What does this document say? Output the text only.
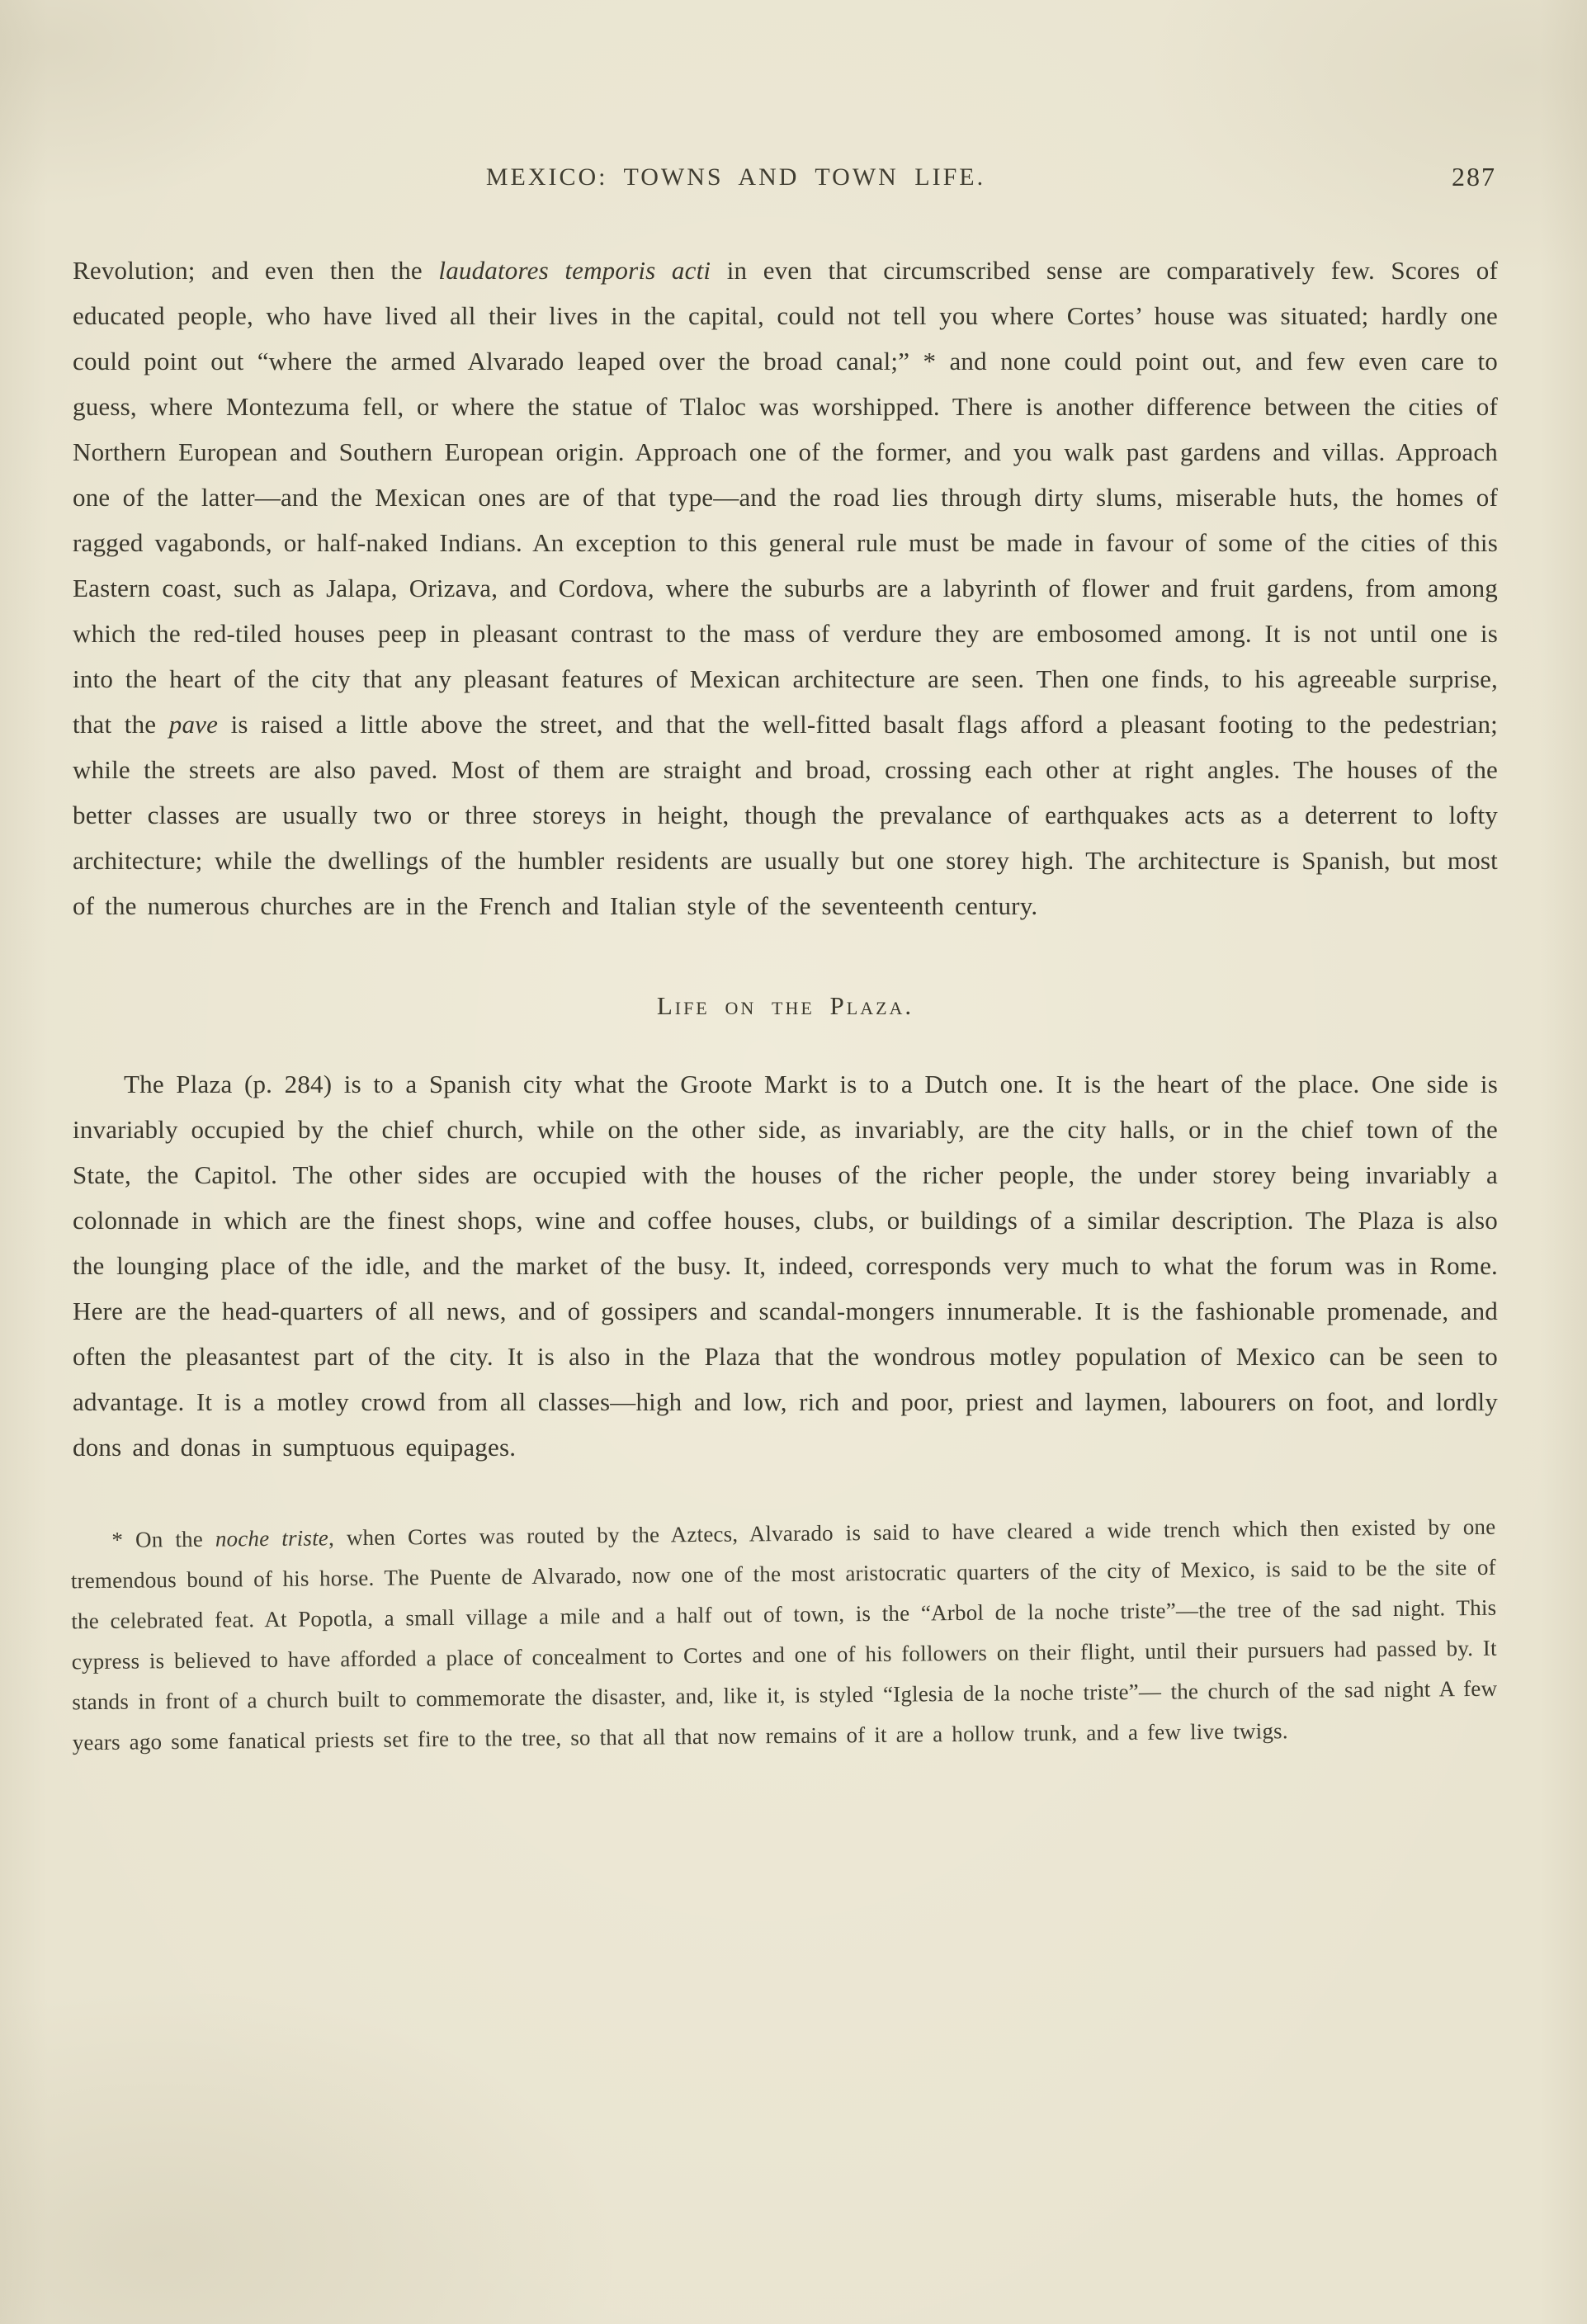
MEXICO: TOWNS AND TOWN LIFE.	287

Revolution; and even then the laudatores temporis acti in even that circumscribed sense are comparatively few. Scores of educated people, who have lived all their lives in the capital, could not tell you where Cortes’ house was situated; hardly one could point out “where the armed Alvarado leaped over the broad canal;” * and none could point out, and few even care to guess, where Montezuma fell, or where the statue of Tlaloc was worshipped. There is another difference between the cities of Northern European and Southern European origin. Approach one of the former, and you walk past gardens and villas. Approach one of the latter—and the Mexican ones are of that type—and the road lies through dirty slums, miserable huts, the homes of ragged vagabonds, or half-naked Indians. An exception to this general rule must be made in favour of some of the cities of this Eastern coast, such as Jalapa, Orizava, and Cordova, where the suburbs are a labyrinth of flower and fruit gardens, from among which the red-tiled houses peep in pleasant contrast to the mass of verdure they are embosomed among. It is not until one is into the heart of the city that any pleasant features of Mexican architecture are seen. Then one finds, to his agreeable surprise, that the pave is raised a little above the street, and that the well-fitted basalt flags afford a pleasant footing to the pedestrian; while the streets are also paved. Most of them are straight and broad, crossing each other at right angles. The houses of the better classes are usually two or three storeys in height, though the prevalance of earthquakes acts as a deterrent to lofty architecture; while the dwellings of the humbler residents are usually but one storey high. The architecture is Spanish, but most of the numerous churches are in the French and Italian style of the seventeenth century.

Life on the Plaza.

The Plaza (p. 284) is to a Spanish city what the Groote Markt is to a Dutch one. It is the heart of the place. One side is invariably occupied by the chief church, while on the other side, as invariably, are the city halls, or in the chief town of the State, the Capitol. The other sides are occupied with the houses of the richer people, the under storey being invariably a colonnade in which are the finest shops, wine and coffee houses, clubs, or buildings of a similar description. The Plaza is also the lounging place of the idle, and the market of the busy. It, indeed, corresponds very much to what the forum was in Rome. Here are the head-quarters of all news, and of gossipers and scandal-mongers innumerable. It is the fashionable promenade, and often the pleasantest part of the city. It is also in the Plaza that the wondrous motley population of Mexico can be seen to advantage. It is a motley crowd from all classes—high and low, rich and poor, priest and laymen, labourers on foot, and lordly dons and donas in sumptuous equipages.

* On the noche triste, when Cortes was routed by the Aztecs, Alvarado is said to have cleared a wide trench which then existed by one tremendous bound of his horse. The Puente de Alvarado, now one of the most aristocratic quarters of the city of Mexico, is said to be the site of the celebrated feat. At Popotla, a small village a mile and a half out of town, is the “Arbol de la noche triste”—the tree of the sad night. This cypress is believed to have afforded a place of concealment to Cortes and one of his followers on their flight, until their pursuers had passed by. It stands in front of a church built to commemorate the disaster, and, like it, is styled “Iglesia de la noche triste”— the church of the sad night A few years ago some fanatical priests set fire to the tree, so that all that now remains of it are a hollow trunk, and a few live twigs.
